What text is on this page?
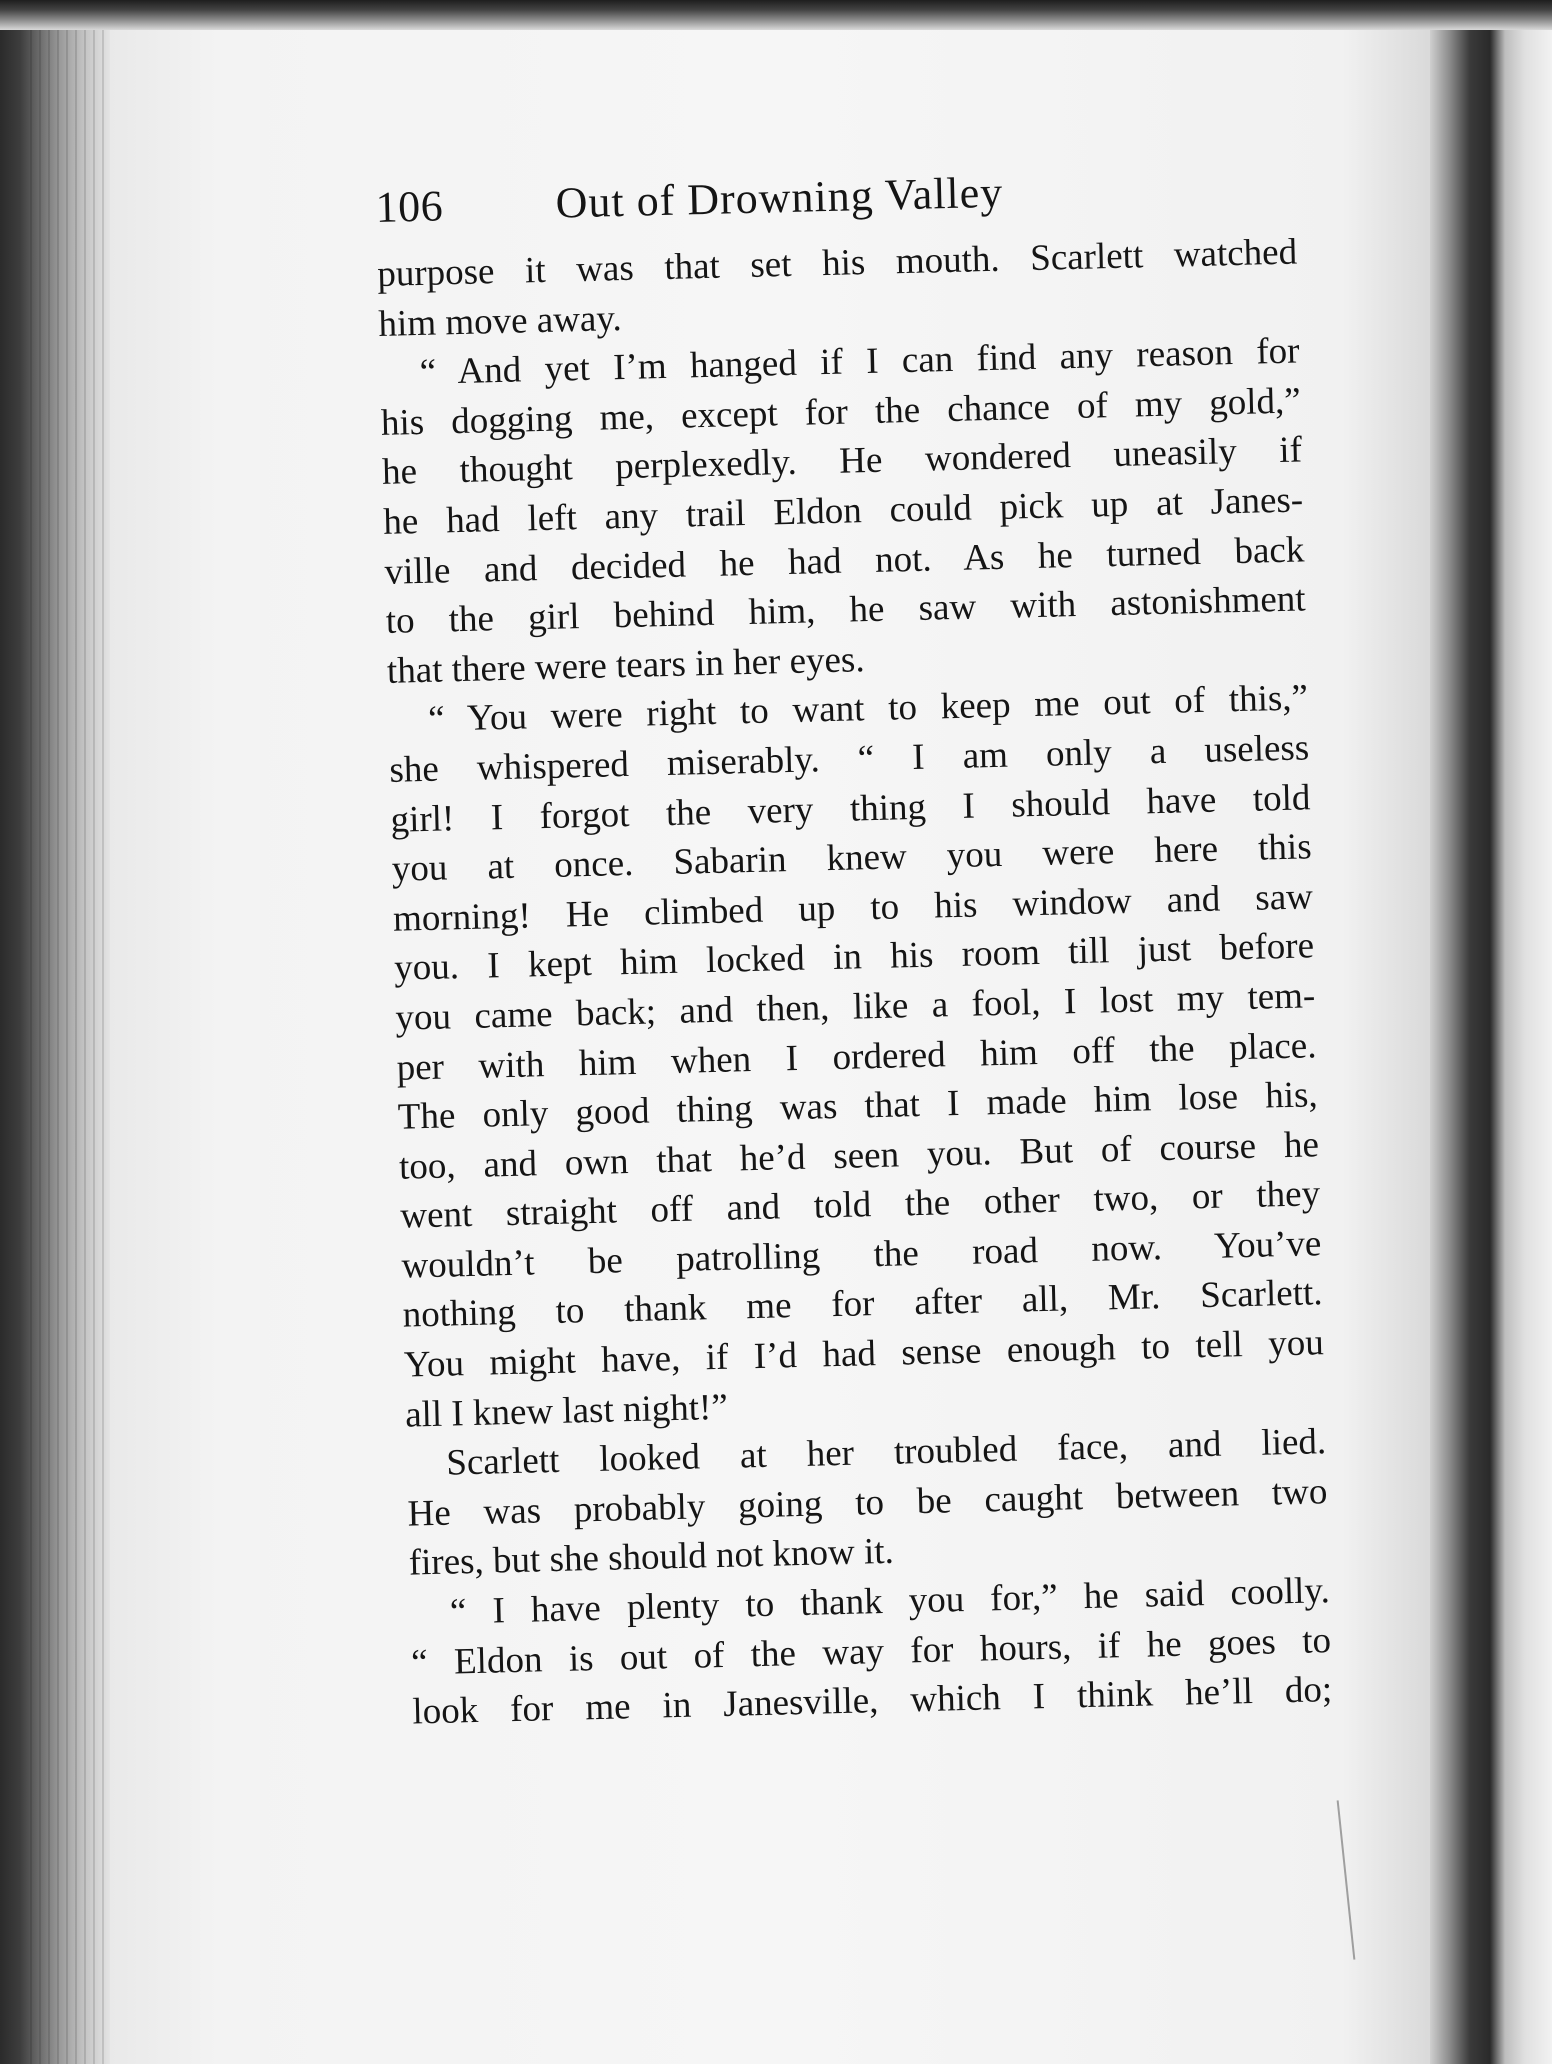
106	Out of Drowning Valley
purpose it was that set his mouth. Scarlett watched
him move away.
“ And yet I’m hanged if I can find any reason for
his dogging me, except for the chance of my gold,”
he thought perplexedly. He wondered uneasily if
he had left any trail Eldon could pick up at Janes-
ville and decided he had not. As he turned back
to the girl behind him, he saw with astonishment
that there were tears in her eyes.
“ You were right to want to keep me out of this,”
she whispered miserably. “ I am only a useless
girl! I forgot the very thing I should have told
you at once. Sabarin knew you were here this
morning! He climbed up to his window and saw
you. I kept him locked in his room till just before
you came back; and then, like a fool, I lost my tem-
per with him when I ordered him off the place.
The only good thing was that I made him lose his,
too, and own that he’d seen you. But of course he
went straight off and told the other two, or they
wouldn’t be patrolling the road now. You’ve
nothing to thank me for after all, Mr. Scarlett.
You might have, if I’d had sense enough to tell you
all I knew last night!”
Scarlett looked at her troubled face, and lied.
He was probably going to be caught between two
fires, but she should not know it.
“ I have plenty to thank you for,” he said coolly.
“ Eldon is out of the way for hours, if he goes to
look for me in Janesville, which I think he’ll do;
